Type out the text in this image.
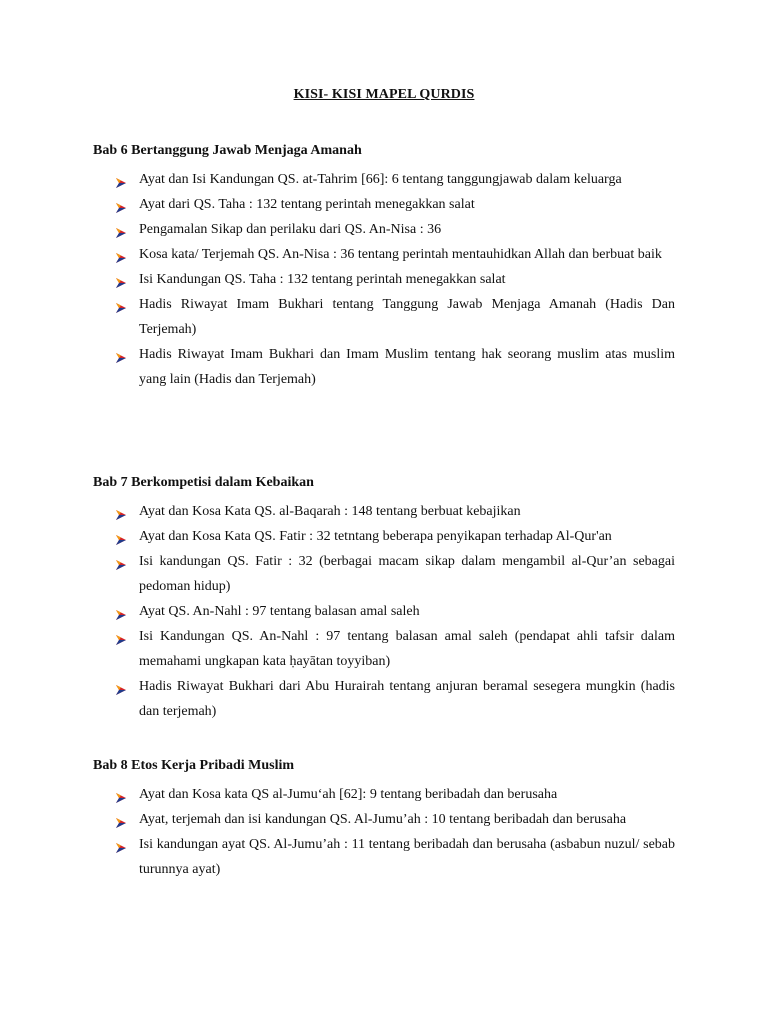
KISI- KISI MAPEL QURDIS
Bab 6 Bertanggung Jawab Menjaga Amanah
Ayat dan Isi Kandungan QS. at-Tahrim [66]: 6 tentang tanggungjawab dalam keluarga
Ayat dari QS. Taha : 132 tentang perintah menegakkan salat
Pengamalan Sikap dan perilaku dari QS. An-Nisa : 36
Kosa kata/ Terjemah QS. An-Nisa : 36 tentang perintah mentauhidkan Allah dan berbuat baik
Isi Kandungan QS. Taha : 132 tentang perintah menegakkan salat
Hadis Riwayat Imam Bukhari tentang Tanggung Jawab Menjaga Amanah (Hadis Dan Terjemah)
Hadis Riwayat Imam Bukhari dan Imam Muslim tentang hak seorang muslim atas muslim yang lain (Hadis dan Terjemah)
Bab 7 Berkompetisi dalam Kebaikan
Ayat dan Kosa Kata QS. al-Baqarah : 148 tentang berbuat kebajikan
Ayat dan Kosa Kata QS. Fatir : 32 tetntang beberapa penyikapan terhadap Al-Qur'an
Isi kandungan QS. Fatir : 32 (berbagai macam sikap dalam mengambil al-Qur’an sebagai pedoman hidup)
Ayat QS. An-Nahl : 97 tentang balasan amal saleh
Isi Kandungan QS. An-Nahl : 97 tentang balasan amal saleh (pendapat ahli tafsir dalam memahami ungkapan kata ḥayātan toyyiban)
Hadis Riwayat Bukhari dari Abu Hurairah tentang anjuran beramal sesegera mungkin (hadis dan terjemah)
Bab 8 Etos Kerja Pribadi Muslim
Ayat dan Kosa kata QS al-Jumu‘ah [62]: 9 tentang beribadah dan berusaha
Ayat, terjemah dan isi kandungan QS. Al-Jumu’ah : 10 tentang beribadah dan berusaha
Isi kandungan ayat QS. Al-Jumu’ah : 11 tentang beribadah dan berusaha (asbabun nuzul/ sebab turunnya ayat)
